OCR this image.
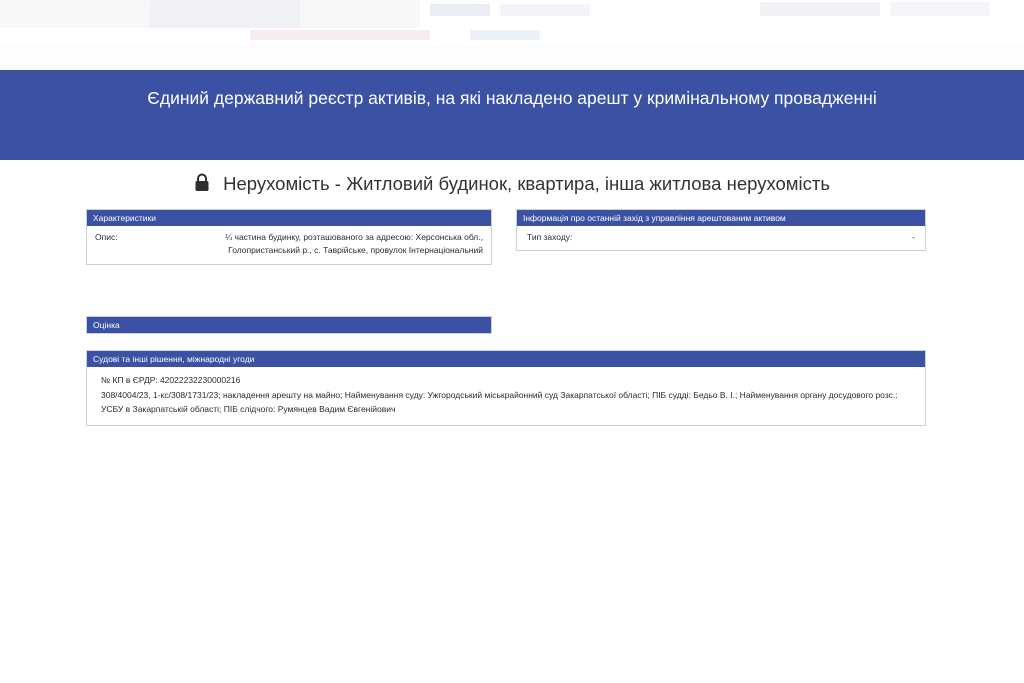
Єдиний державний реєстр активів, на які накладено арешт у кримінальному провадженні
Нерухомість - Житловий будинок, квартира, інша житлова нерухомість
Характеристики
Опис:	¼ частина будинку, розташованого за адресою: Херсонська обл., Голопристанський р., с. Таврійське, провулок Інтернаціональний
Інформація про останній захід з управління арештованим активом
Тип заходу:	-
Оцінка
Судові та інші рішення, міжнародні угоди
№ КП в ЄРДР: 42022232230000216
308/4004/23, 1-кс/308/1731/23; накладення арешту на майно; Найменування суду: Ужгородський міськрайонний суд Закарпатської області; ПІБ судді: Бедьо В. І.; Найменування органу досудового розс.: УСБУ в Закарпатській області; ПІБ слідчого: Румянцев Вадим Євгенійович
